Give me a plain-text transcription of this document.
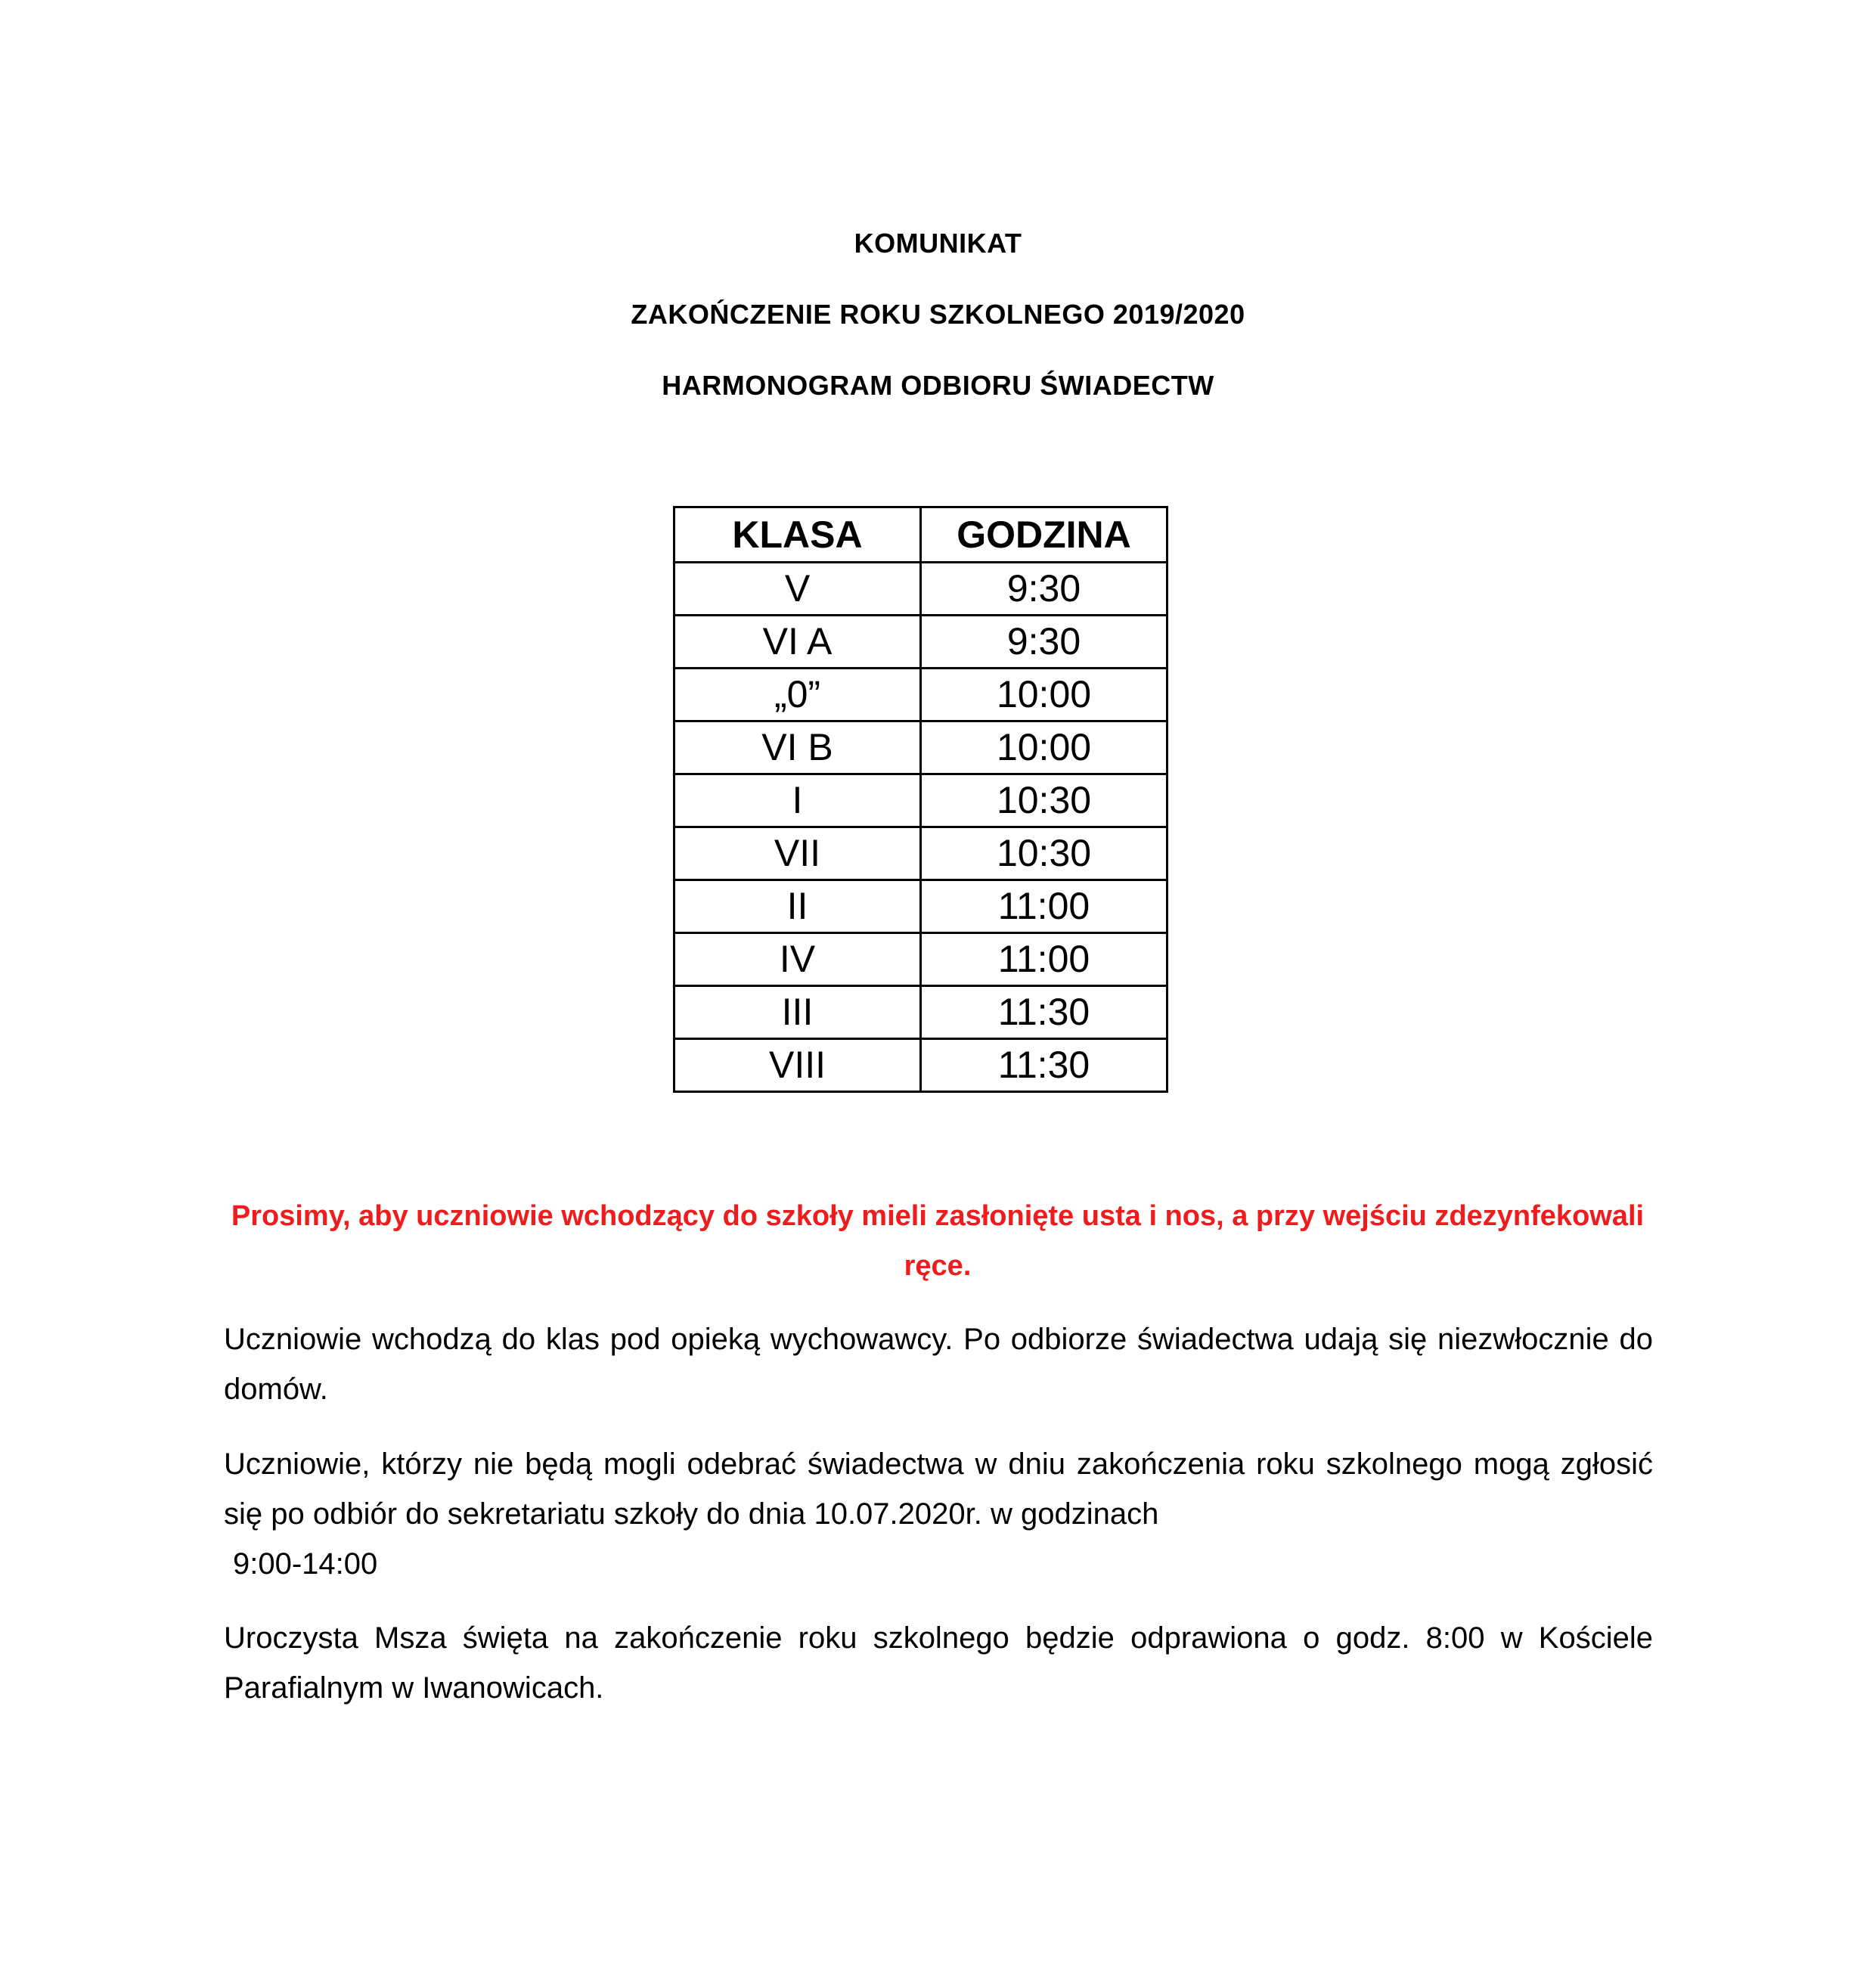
KOMUNIKAT
ZAKOŃCZENIE ROKU SZKOLNEGO 2019/2020
HARMONOGRAM ODBIORU ŚWIADECTW
KLASA	GODZINA
V	9:30
VI A	9:30
„0”	10:00
VI B	10:00
I	10:30
VII	10:30
II	11:00
IV	11:00
III	11:30
VIII	11:30
Prosimy, aby uczniowie wchodzący do szkoły mieli zasłonięte usta i nos, a przy wejściu zdezynfekowali ręce.
Uczniowie wchodzą do klas pod opieką wychowawcy. Po odbiorze świadectwa udają się niezwłocznie do domów.
Uczniowie, którzy nie będą mogli odebrać świadectwa w dniu zakończenia roku szkolnego mogą zgłosić się po odbiór do sekretariatu szkoły do dnia 10.07.2020r. w godzinach
9:00-14:00
Uroczysta Msza święta na zakończenie roku szkolnego będzie odprawiona o godz. 8:00 w Kościele Parafialnym w Iwanowicach.
